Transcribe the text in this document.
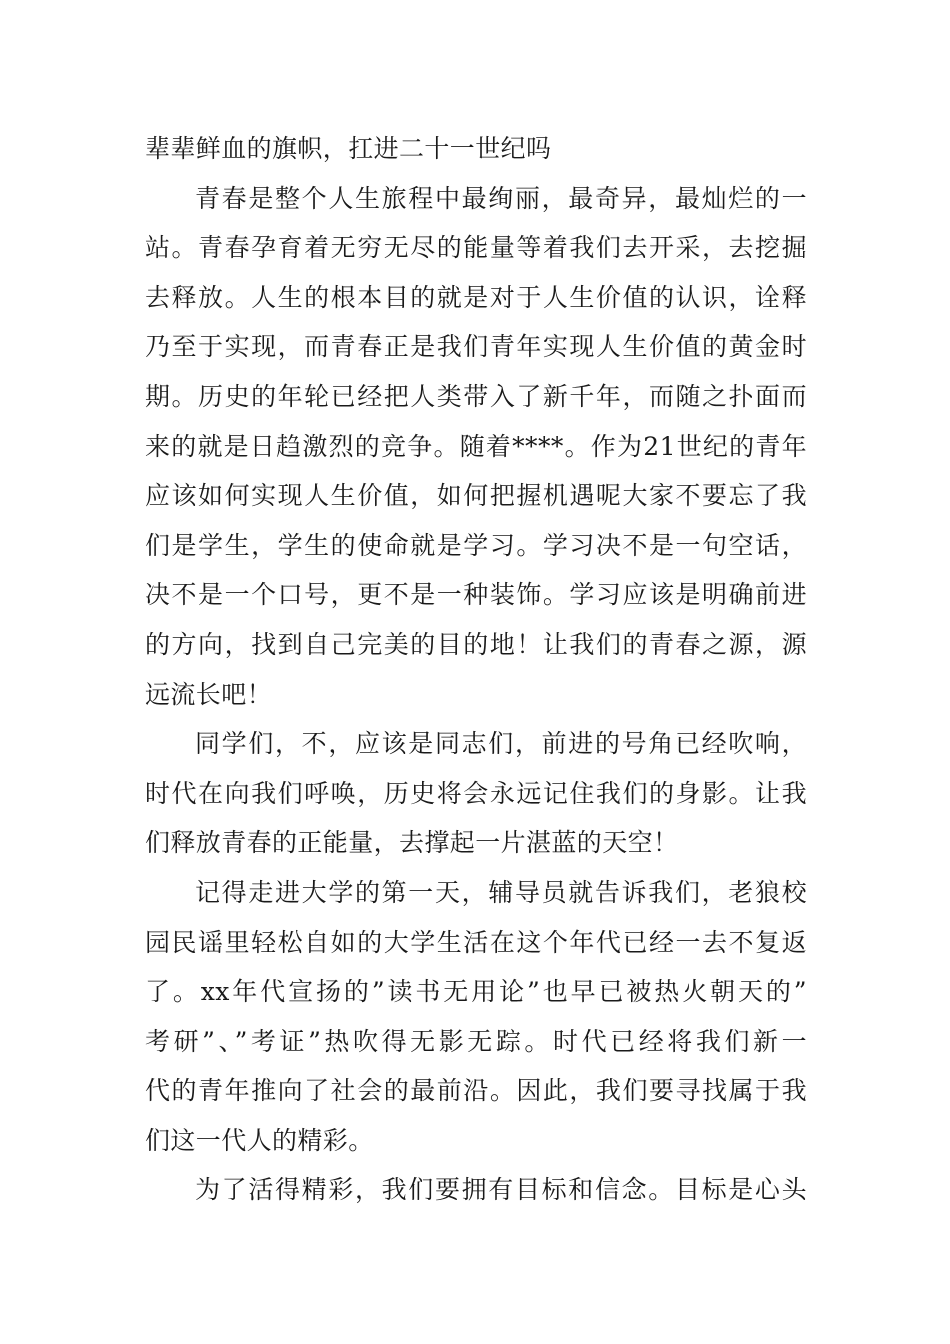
辈辈鲜血的旗帜，扛进二十一世纪吗
青春是整个人生旅程中最绚丽，最奇异，最灿烂的一
站。青春孕育着无穷无尽的能量等着我们去开采，去挖掘
去释放。人生的根本目的就是对于人生价值的认识，诠释
乃至于实现，而青春正是我们青年实现人生价值的黄金时
期。历史的年轮已经把人类带入了新千年，而随之扑面而
来的就是日趋激烈的竞争。随着****。作为21世纪的青年
应该如何实现人生价值，如何把握机遇呢大家不要忘了我
们是学生，学生的使命就是学习。学习决不是一句空话，
决不是一个口号，更不是一种装饰。学习应该是明确前进
的方向，找到自己完美的目的地！让我们的青春之源，源
远流长吧！
同学们，不，应该是同志们，前进的号角已经吹响，
时代在向我们呼唤，历史将会永远记住我们的身影。让我
们释放青春的正能量，去撑起一片湛蓝的天空！
记得走进大学的第一天，辅导员就告诉我们，老狼校
园民谣里轻松自如的大学生活在这个年代已经一去不复返
了。xx年代宣扬的”读书无用论”也早已被热火朝天的”
考研”、”考证”热吹得无影无踪。时代已经将我们新一
代的青年推向了社会的最前沿。因此，我们要寻找属于我
们这一代人的精彩。
为了活得精彩，我们要拥有目标和信念。目标是心头
